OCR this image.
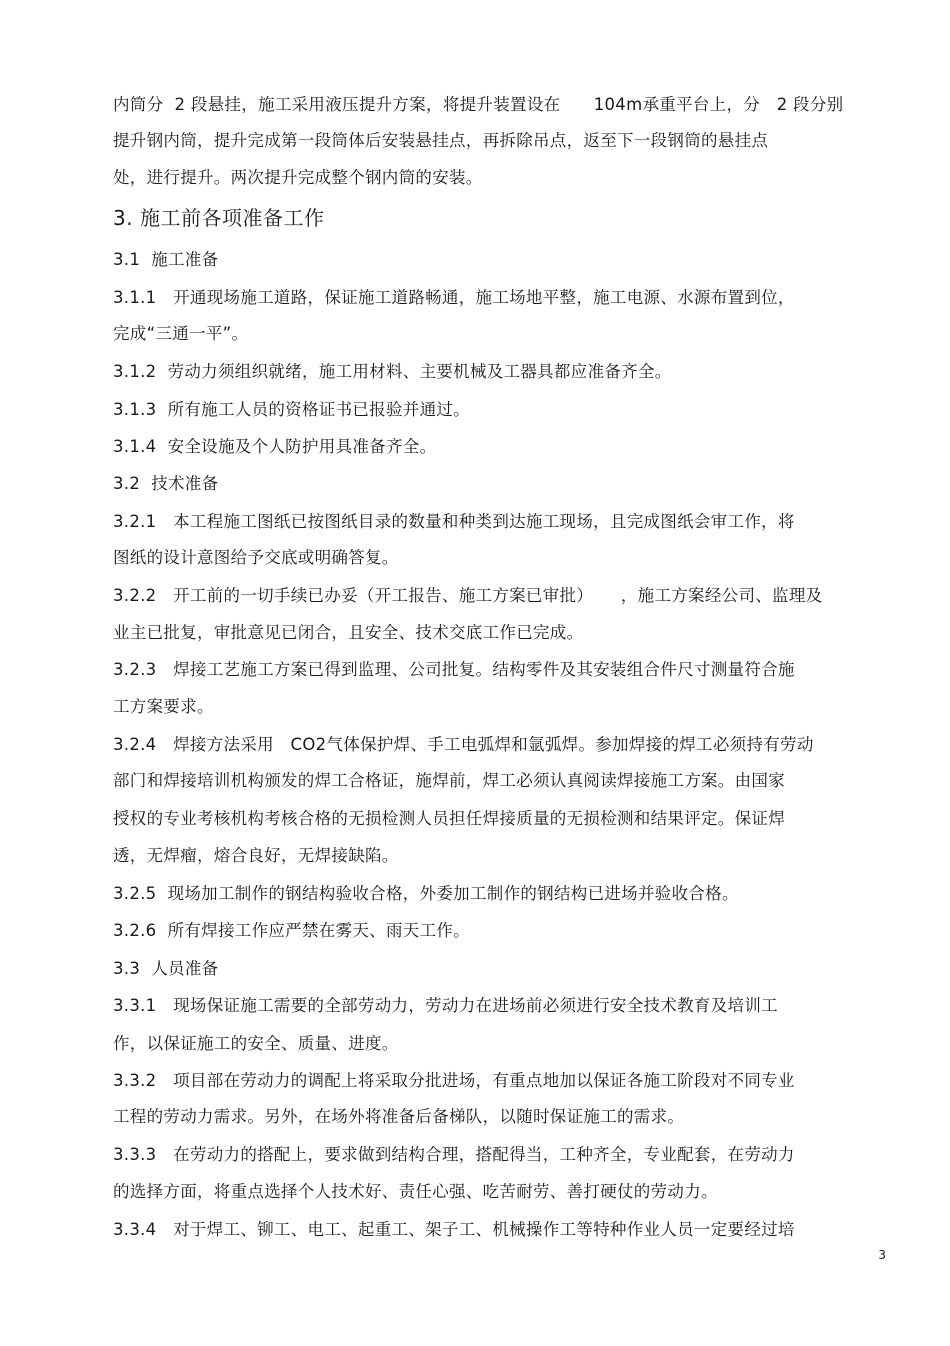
内筒分  2 段悬挂，施工采用液压提升方案，将提升装置设在      104m承重平台上，分   2 段分别
提升钢内筒，提升完成第一段筒体后安装悬挂点，再拆除吊点，返至下一段钢筒的悬挂点
处，进行提升。两次提升完成整个钢内筒的安装。
3. 施工前各项准备工作
3.1  施工准备
3.1.1   开通现场施工道路，保证施工道路畅通，施工场地平整，施工电源、水源布置到位，
完成“三通一平”。
3.1.2  劳动力须组织就绪，施工用材料、主要机械及工器具都应准备齐全。
3.1.3  所有施工人员的资格证书已报验并通过。
3.1.4  安全设施及个人防护用具准备齐全。
3.2  技术准备
3.2.1   本工程施工图纸已按图纸目录的数量和种类到达施工现场，且完成图纸会审工作，将
图纸的设计意图给予交底或明确答复。
3.2.2   开工前的一切手续已办妥（开工报告、施工方案已审批）     ，施工方案经公司、监理及
业主已批复，审批意见已闭合，且安全、技术交底工作已完成。
3.2.3   焊接工艺施工方案已得到监理、公司批复。结构零件及其安装组合件尺寸测量符合施
工方案要求。
3.2.4   焊接方法采用   CO2气体保护焊、手工电弧焊和氩弧焊。参加焊接的焊工必须持有劳动
部门和焊接培训机构颁发的焊工合格证，施焊前，焊工必须认真阅读焊接施工方案。由国家
授权的专业考核机构考核合格的无损检测人员担任焊接质量的无损检测和结果评定。保证焊
透，无焊瘤，熔合良好，无焊接缺陷。
3.2.5  现场加工制作的钢结构验收合格，外委加工制作的钢结构已进场并验收合格。
3.2.6  所有焊接工作应严禁在雾天、雨天工作。
3.3  人员准备
3.3.1   现场保证施工需要的全部劳动力，劳动力在进场前必须进行安全技术教育及培训工
作，以保证施工的安全、质量、进度。
3.3.2   项目部在劳动力的调配上将采取分批进场，有重点地加以保证各施工阶段对不同专业
工程的劳动力需求。另外，在场外将准备后备梯队，以随时保证施工的需求。
3.3.3   在劳动力的搭配上，要求做到结构合理，搭配得当，工种齐全，专业配套，在劳动力
的选择方面，将重点选择个人技术好、责任心强、吃苦耐劳、善打硬仗的劳动力。
3.3.4   对于焊工、铆工、电工、起重工、架子工、机械操作工等特种作业人员一定要经过培
3
